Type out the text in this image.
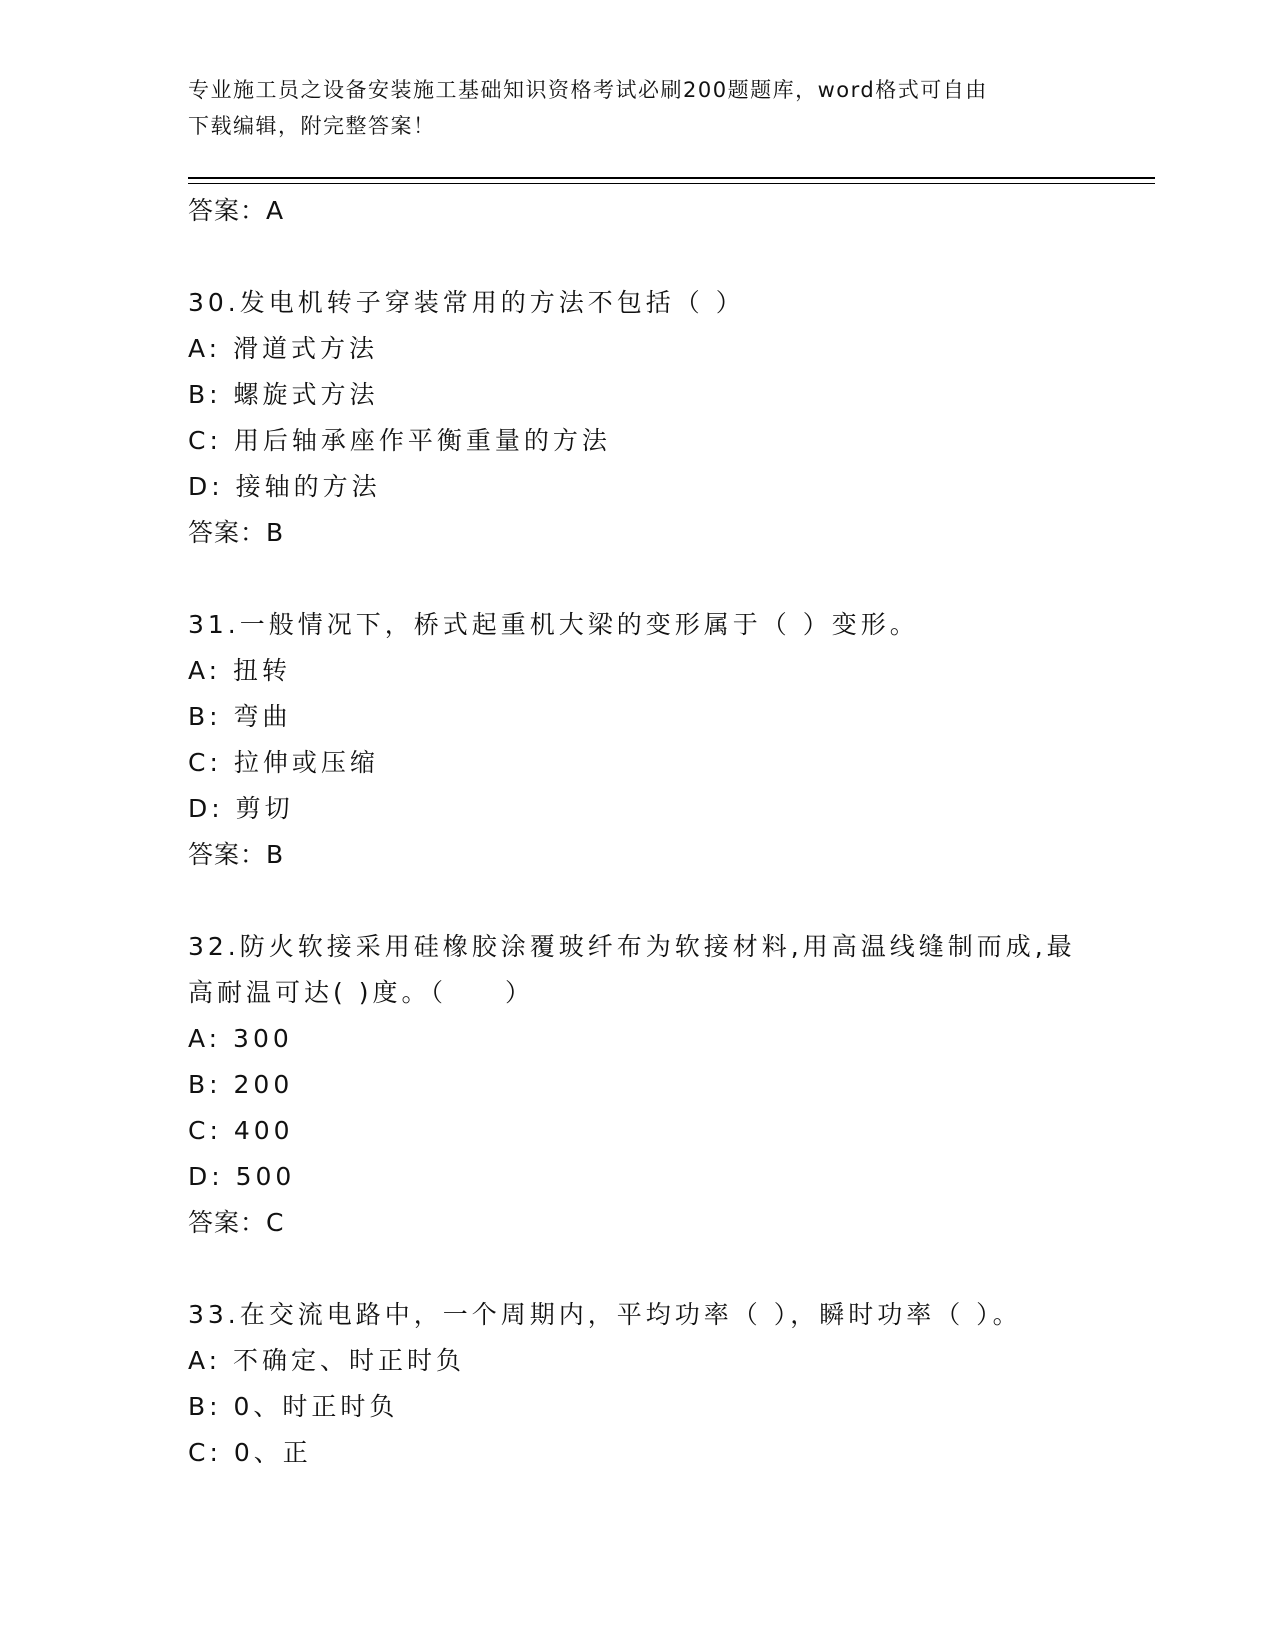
专业施工员之设备安装施工基础知识资格考试必刷200题题库，word格式可自由
下载编辑，附完整答案！
答案：A
30.发电机转子穿装常用的方法不包括（ ）
A: 滑道式方法
B: 螺旋式方法
C: 用后轴承座作平衡重量的方法
D: 接轴的方法
答案：B
31.一般情况下，桥式起重机大梁的变形属于（ ）变形。
A: 扭转
B: 弯曲
C: 拉伸或压缩
D: 剪切
答案：B
32.防火软接采用硅橡胶涂覆玻纤布为软接材料,用高温线缝制而成,最
高耐温可达( )度。（　　）
A: 300
B: 200
C: 400
D: 500
答案：C
33.在交流电路中，一个周期内，平均功率（ ），瞬时功率（ ）。
A: 不确定、时正时负
B: 0、时正时负
C: 0、正
